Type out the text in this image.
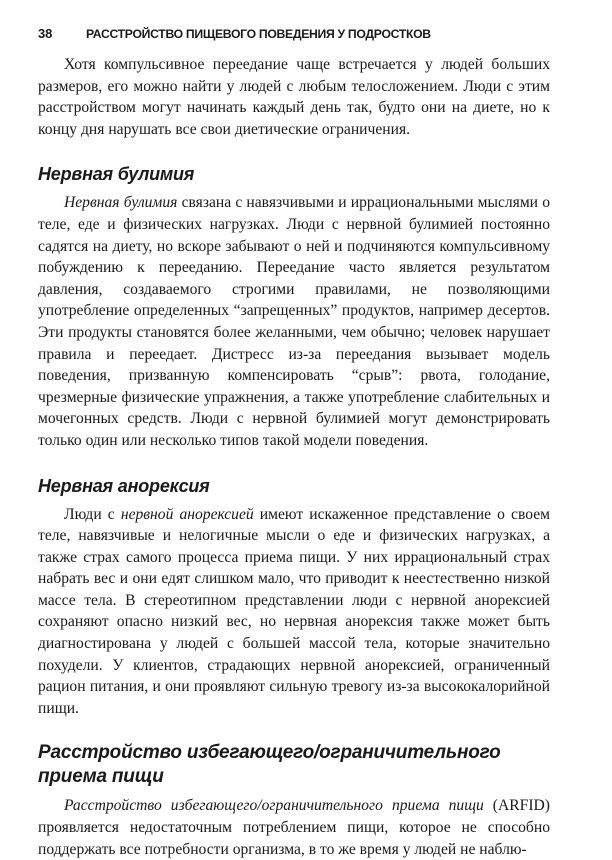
38	РАССТРОЙСТВО ПИЩЕВОГО ПОВЕДЕНИЯ У ПОДРОСТКОВ

Хотя компульсивное переедание чаще встречается у людей больших размеров, его можно найти у людей с любым телосложением. Люди с этим расстройством могут начинать каждый день так, будто они на диете, но к концу дня нарушать все свои диетические ограничения.

Нервная булимия

Нервная булимия связана с навязчивыми и иррациональными мыслями о теле, еде и физических нагрузках. Люди с нервной булимией постоянно садятся на диету, но вскоре забывают о ней и подчиняются компульсивному побуждению к перееданию. Переедание часто является результатом давления, создаваемого строгими правилами, не позволяющими употребление определенных “запрещенных” продуктов, например десертов. Эти продукты становятся более желанными, чем обычно; человек нарушает правила и переедает. Дистресс из-за переедания вызывает модель поведения, призванную компенсировать “срыв”: рвота, голодание, чрезмерные физические упражнения, а также употребление слабительных и мочегонных средств. Люди с нервной булимией могут демонстрировать только один или несколько типов такой модели поведения.

Нервная анорексия

Люди с нервной анорексией имеют искаженное представление о своем теле, навязчивые и нелогичные мысли о еде и физических нагрузках, а также страх самого процесса приема пищи. У них иррациональный страх набрать вес и они едят слишком мало, что приводит к неестественно низкой массе тела. В стереотипном представлении люди с нервной анорексией сохраняют опасно низкий вес, но нервная анорексия также может быть диагностирована у людей с большей массой тела, которые значительно похудели. У клиентов, страдающих нервной анорексией, ограниченный рацион питания, и они проявляют сильную тревогу из-за высококалорийной пищи.

Расстройство избегающего/ограничительного
приема пищи

Расстройство избегающего/ограничительного приема пищи (ARFID) проявляется недостаточным потреблением пищи, которое не способно поддержать все потребности организма, в то же время у людей не наблю-
